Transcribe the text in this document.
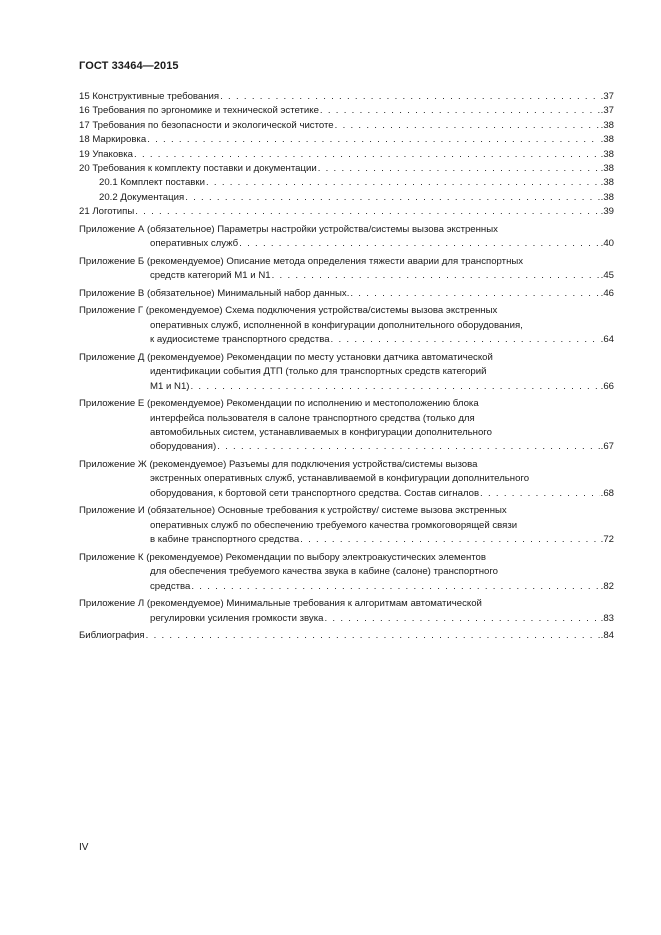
ГОСТ 33464—2015
15 Конструктивные требования . . .	.37
16 Требования по эргономике и технической эстетике . . .	.37
17 Требования по безопасности и экологической чистоте . . .	.38
18 Маркировка . . .	.38
19 Упаковка . . .	.38
20 Требования к комплекту поставки и документации . . .	.38
20.1 Комплект поставки . . .	.38
20.2 Документация . . .	.38
21 Логотипы . . .	.39
Приложение А (обязательное) Параметры настройки устройства/системы вызова экстренных
оперативных служб . . .	.40
Приложение Б (рекомендуемое) Описание метода определения тяжести аварии для транспортных
средств категорий M1 и N1 . . .	.45
Приложение В (обязательное) Минимальный набор данных. . . .	.46
Приложение Г (рекомендуемое) Схема подключения устройства/системы вызова экстренных
оперативных служб, исполненной в конфигурации дополнительного оборудования,
к аудиосистеме транспортного средства . . .	.64
Приложение Д (рекомендуемое) Рекомендации по месту установки датчика автоматической
идентификации события ДТП (только для транспортных средств категорий
M1 и N1) . . .	.66
Приложение Е (рекомендуемое) Рекомендации по исполнению и местоположению блока
интерфейса пользователя в салоне транспортного средства (только для
автомобильных систем, устанавливаемых в конфигурации дополнительного
оборудования) . . .	.67
Приложение Ж (рекомендуемое) Разъемы для подключения устройства/системы вызова
экстренных оперативных служб, устанавливаемой в конфигурации дополнительного
оборудования, к бортовой сети транспортного средства. Состав сигналов . . .	.68
Приложение И (обязательное) Основные требования к устройству/ системе вызова экстренных
оперативных служб по обеспечению требуемого качества громкоговорящей связи
в кабине транспортного средства . . .	.72
Приложение К (рекомендуемое) Рекомендации по выбору электроакустических элементов
для обеспечения требуемого качества звука в кабине (салоне) транспортного
средства . . .	.82
Приложение Л (рекомендуемое) Минимальные требования к алгоритмам автоматической
регулировки усиления громкости звука . . .	.83
Библиография . . .	.84
IV
